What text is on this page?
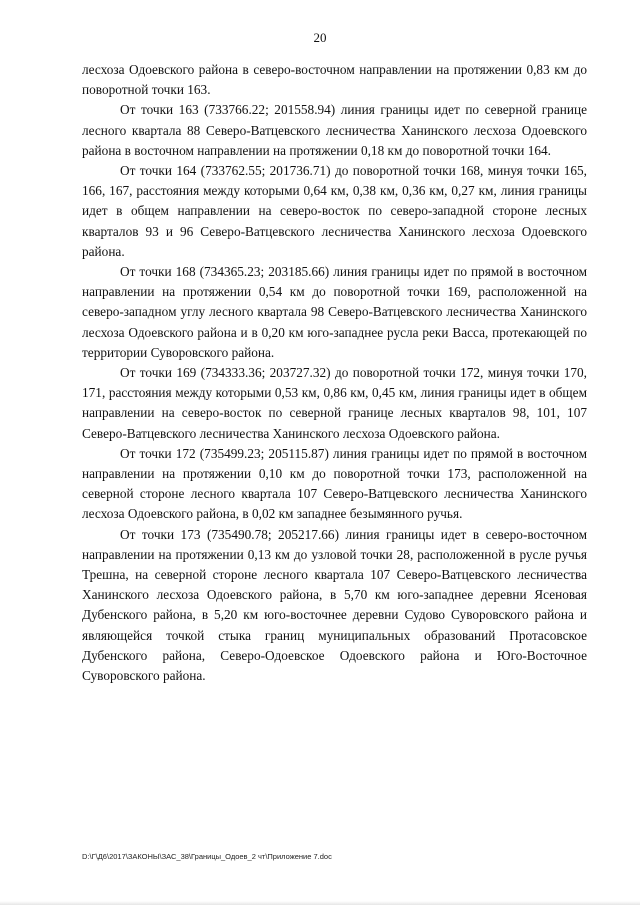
20

лесхоза Одоевского района в северо-восточном направлении на протяжении 0,83 км до поворотной точки 163.

От точки 163 (733766.22; 201558.94) линия границы идет по северной границе лесного квартала 88 Северо-Ватцевского лесничества Ханинского лесхоза Одоевского района в восточном направлении на протяжении 0,18 км до поворотной точки 164.

От точки 164 (733762.55; 201736.71) до поворотной точки 168, минуя точки 165, 166, 167, расстояния между которыми 0,64 км, 0,38 км, 0,36 км, 0,27 км, линия границы идет в общем направлении на северо-восток по северо-западной стороне лесных кварталов 93 и 96 Северо-Ватцевского лесничества Ханинского лесхоза Одоевского района.

От точки 168 (734365.23; 203185.66) линия границы идет по прямой в восточном направлении на протяжении 0,54 км до поворотной точки 169, расположенной на северо-западном углу лесного квартала 98 Северо-Ватцевского лесничества Ханинского лесхоза Одоевского района и в 0,20 км юго-западнее русла реки Васса, протекающей по территории Суворовского района.

От точки 169 (734333.36; 203727.32) до поворотной точки 172, минуя точки 170, 171, расстояния между которыми 0,53 км, 0,86 км, 0,45 км, линия границы идет в общем направлении на северо-восток по северной границе лесных кварталов 98, 101, 107 Северо-Ватцевского лесничества Ханинского лесхоза Одоевского района.

От точки 172 (735499.23; 205115.87) линия границы идет по прямой в восточном направлении на протяжении 0,10 км до поворотной точки 173, расположенной на северной стороне лесного квартала 107 Северо-Ватцевского лесничества Ханинского лесхоза Одоевского района, в 0,02 км западнее безымянного ручья.

От точки 173 (735490.78; 205217.66) линия границы идет в северо-восточном направлении на протяжении 0,13 км до узловой точки 28, расположенной в русле ручья Трешна, на северной стороне лесного квартала 107 Северо-Ватцевского лесничества Ханинского лесхоза Одоевского района, в 5,70 км юго-западнее деревни Ясеновая Дубенского района, в 5,20 км юго-восточнее деревни Судово Суворовского района и являющейся точкой стыка границ муниципальных образований Протасовское Дубенского района, Северо-Одоевское Одоевского района и Юго-Восточное Суворовского района.

D:\Г\Д6\2017\ЗАКОНЫ\ЗАС_38\Границы_Одоев_2 чт\Приложение 7.doc
